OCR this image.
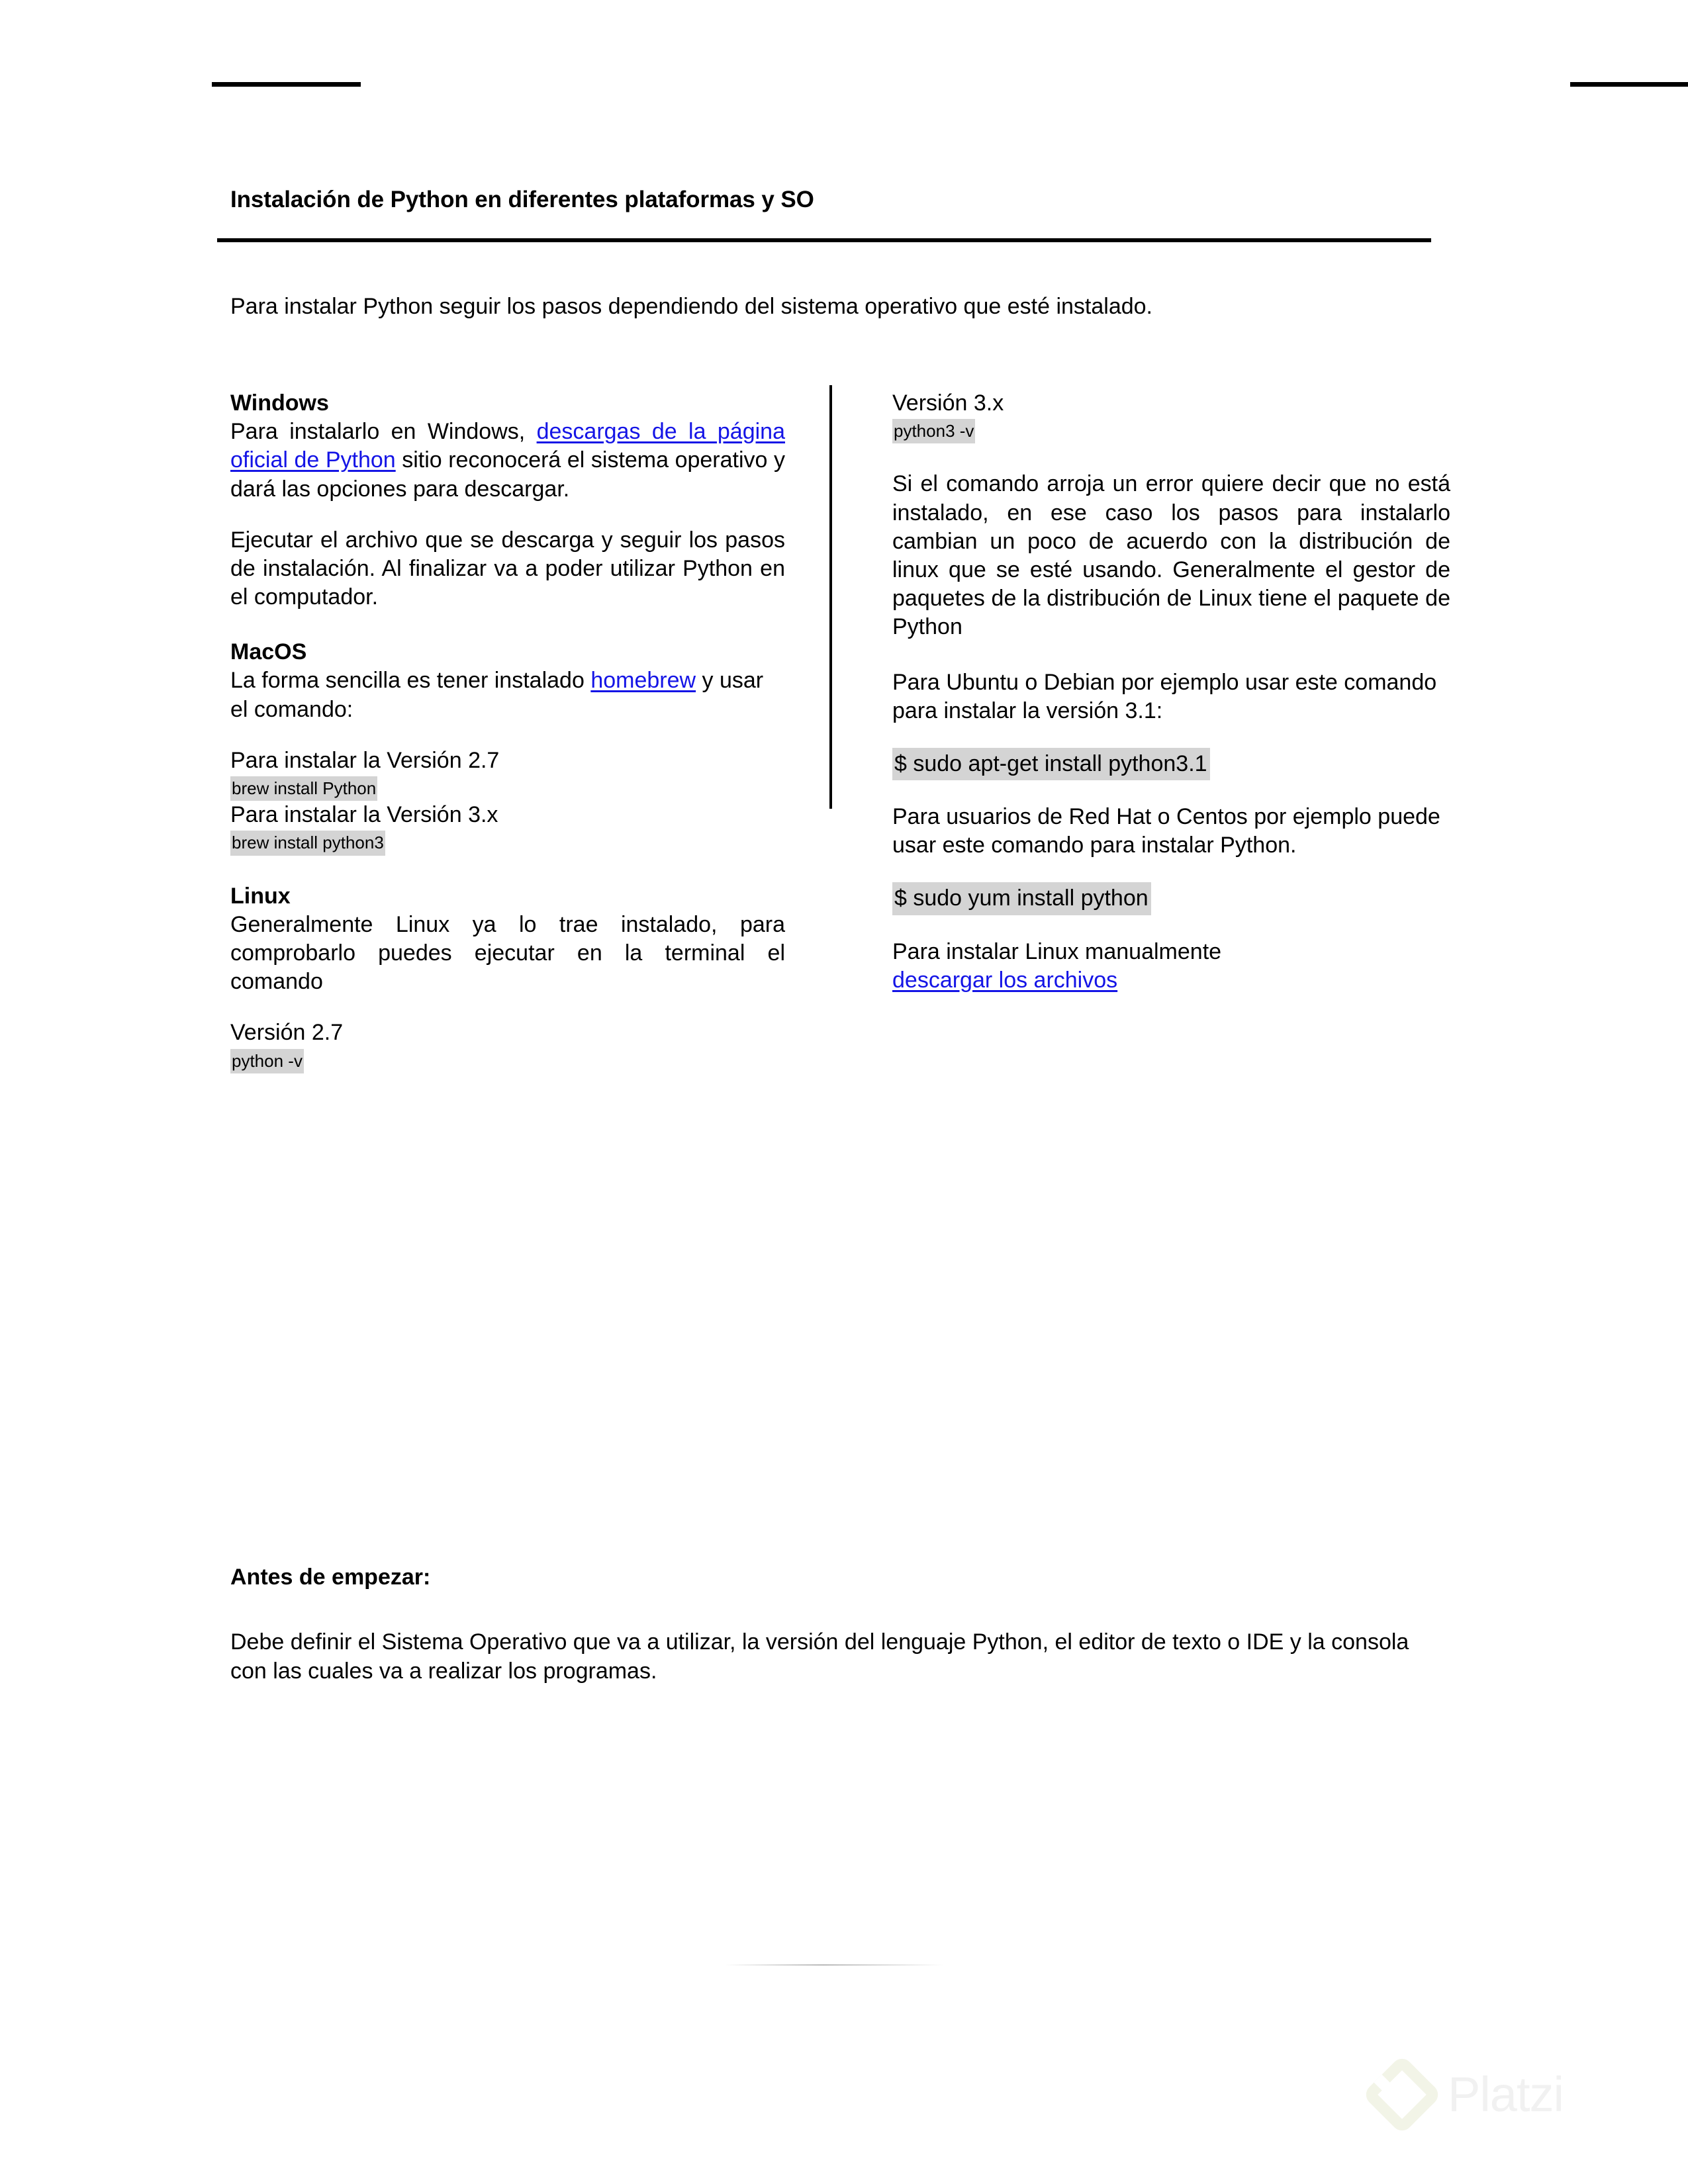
Instalación de Python en diferentes plataformas y SO

Para instalar Python seguir los pasos dependiendo del sistema operativo que esté instalado.

Windows

Para instalarlo en Windows, descargas de la página oficial de Python sitio reconocerá el sistema operativo y dará las opciones para descargar.

Ejecutar el archivo que se descarga y seguir los pasos de instalación. Al finalizar va a poder utilizar Python en el computador.

MacOS

La forma sencilla es tener instalado homebrew y usar el comando:

Para instalar la Versión 2.7

brew install Python

Para instalar la Versión 3.x

brew install python3
Linux

Generalmente Linux ya lo trae instalado, para comprobarlo puedes ejecutar en la terminal el comando

Versión 2.7

python -v

Versión 3.x

python3 -v

Si el comando arroja un error quiere decir que no está instalado, en ese caso los pasos para instalarlo cambian un poco de acuerdo con la distribución de linux que se esté usando. Generalmente el gestor de paquetes de la distribución de Linux tiene el paquete de Python

Para Ubuntu o Debian por ejemplo usar este comando para instalar la versión 3.1:

$ sudo apt-get install python3.1

Para usuarios de Red Hat o Centos por ejemplo puede usar este comando para instalar Python.

$ sudo yum install python

Para instalar Linux manualmente

descargar los archivos

Antes de empezar:

Debe definir el Sistema Operativo que va a utilizar, la versión del lenguaje Python, el editor de texto o IDE y la consola con las cuales va a realizar los programas.

Platzi
